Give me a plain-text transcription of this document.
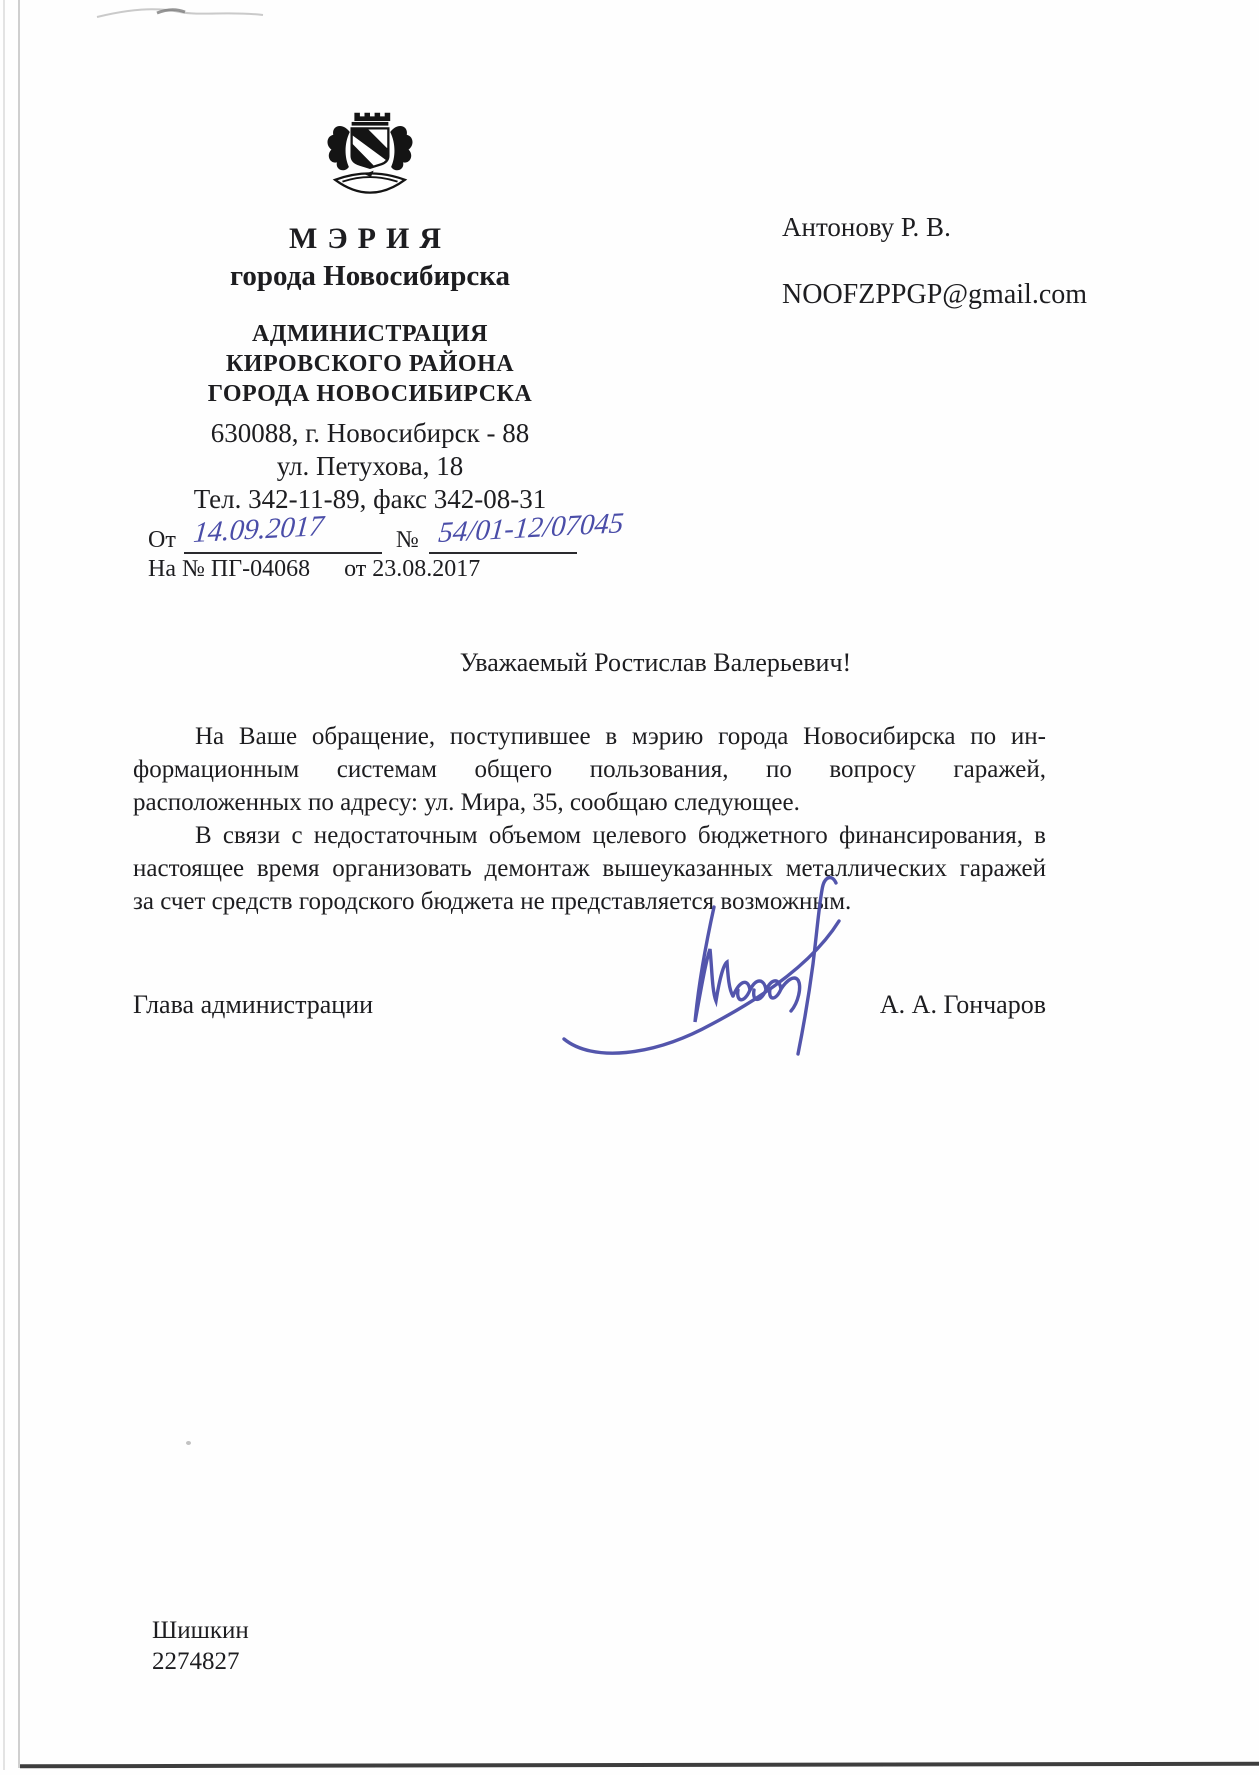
МЭРИЯ
города Новосибирска
АДМИНИСТРАЦИЯ
КИРОВСКОГО РАЙОНА
ГОРОДА НОВОСИБИРСКА
630088, г. Новосибирск - 88
ул. Петухова, 18
Тел. 342-11-89, факс 342-08-31
От 14.09.2017	№ 54/01-12/07045
На № ПГ-04068 от 23.08.2017
Антонову Р. В.
NOOFZPPGP@gmail.com
Уважаемый Ростислав Валерьевич!
На Ваше обращение, поступившее в мэрию города Новосибирска по ин-
формационным системам общего пользования, по вопросу гаражей,
расположенных по адресу: ул. Мира, 35, сообщаю следующее.
В связи с недостаточным объемом целевого бюджетного финансирования, в
настоящее время организовать демонтаж вышеуказанных металлических гаражей
за счет средств городского бюджета не представляется возможным.
Глава администрации	А. А. Гончаров
Шишкин
2274827
